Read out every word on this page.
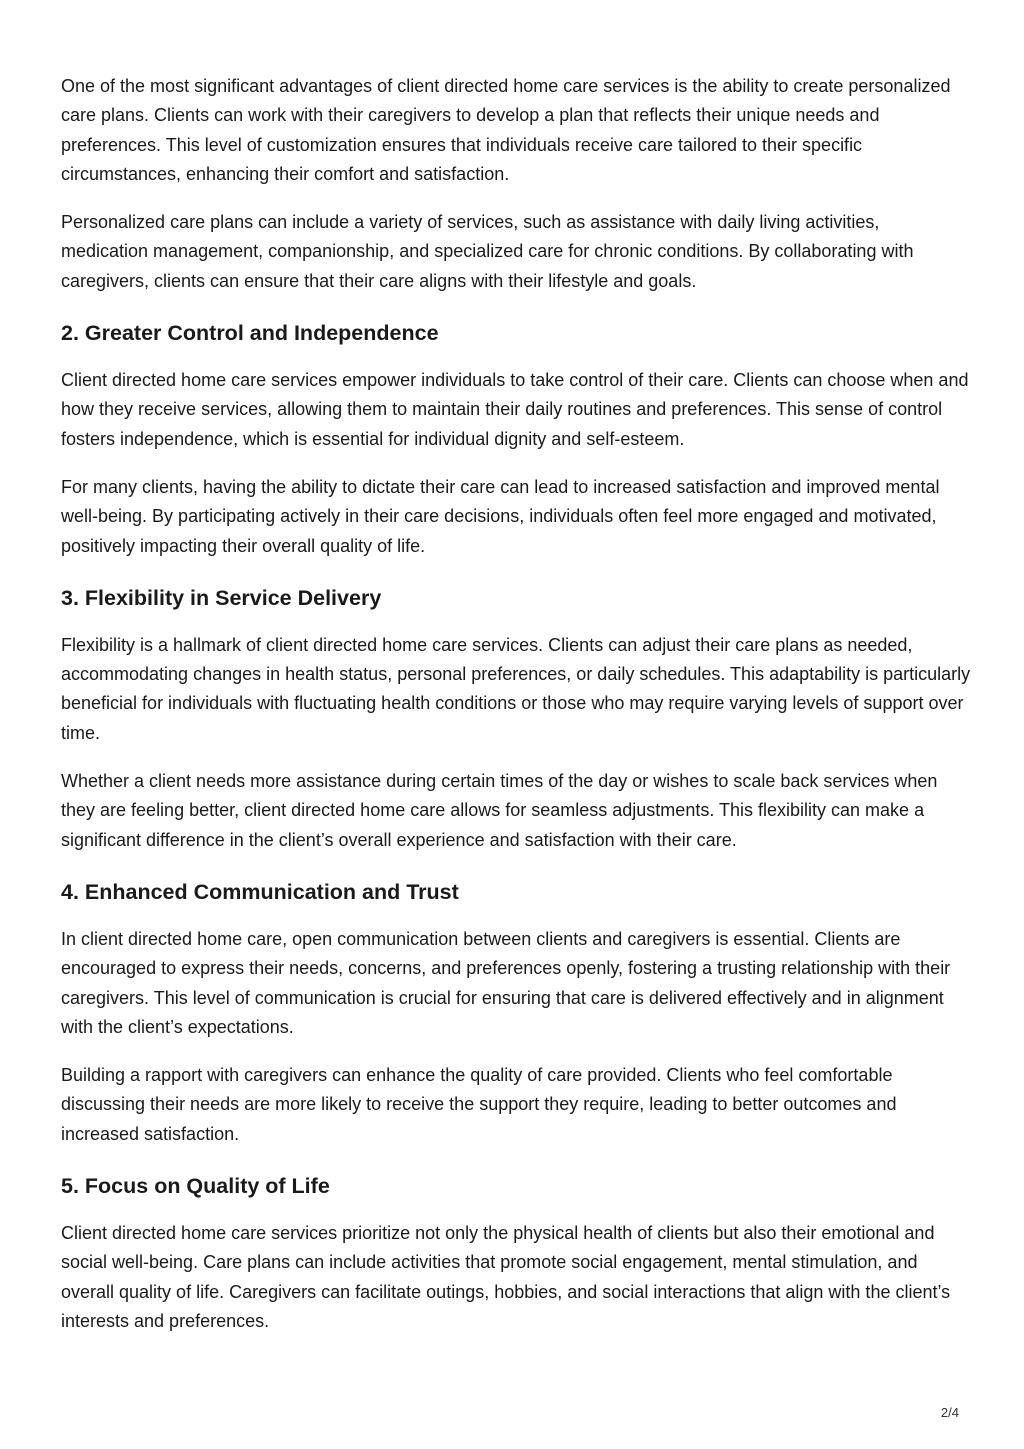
One of the most significant advantages of client directed home care services is the ability to create personalized care plans. Clients can work with their caregivers to develop a plan that reflects their unique needs and preferences. This level of customization ensures that individuals receive care tailored to their specific circumstances, enhancing their comfort and satisfaction.

Personalized care plans can include a variety of services, such as assistance with daily living activities, medication management, companionship, and specialized care for chronic conditions. By collaborating with caregivers, clients can ensure that their care aligns with their lifestyle and goals.

2. Greater Control and Independence

Client directed home care services empower individuals to take control of their care. Clients can choose when and how they receive services, allowing them to maintain their daily routines and preferences. This sense of control fosters independence, which is essential for individual dignity and self-esteem.

For many clients, having the ability to dictate their care can lead to increased satisfaction and improved mental well-being. By participating actively in their care decisions, individuals often feel more engaged and motivated, positively impacting their overall quality of life.

3. Flexibility in Service Delivery

Flexibility is a hallmark of client directed home care services. Clients can adjust their care plans as needed, accommodating changes in health status, personal preferences, or daily schedules. This adaptability is particularly beneficial for individuals with fluctuating health conditions or those who may require varying levels of support over time.

Whether a client needs more assistance during certain times of the day or wishes to scale back services when they are feeling better, client directed home care allows for seamless adjustments. This flexibility can make a significant difference in the client’s overall experience and satisfaction with their care.

4. Enhanced Communication and Trust

In client directed home care, open communication between clients and caregivers is essential. Clients are encouraged to express their needs, concerns, and preferences openly, fostering a trusting relationship with their caregivers. This level of communication is crucial for ensuring that care is delivered effectively and in alignment with the client’s expectations.

Building a rapport with caregivers can enhance the quality of care provided. Clients who feel comfortable discussing their needs are more likely to receive the support they require, leading to better outcomes and increased satisfaction.

5. Focus on Quality of Life

Client directed home care services prioritize not only the physical health of clients but also their emotional and social well-being. Care plans can include activities that promote social engagement, mental stimulation, and overall quality of life. Caregivers can facilitate outings, hobbies, and social interactions that align with the client’s interests and preferences.

2/4
